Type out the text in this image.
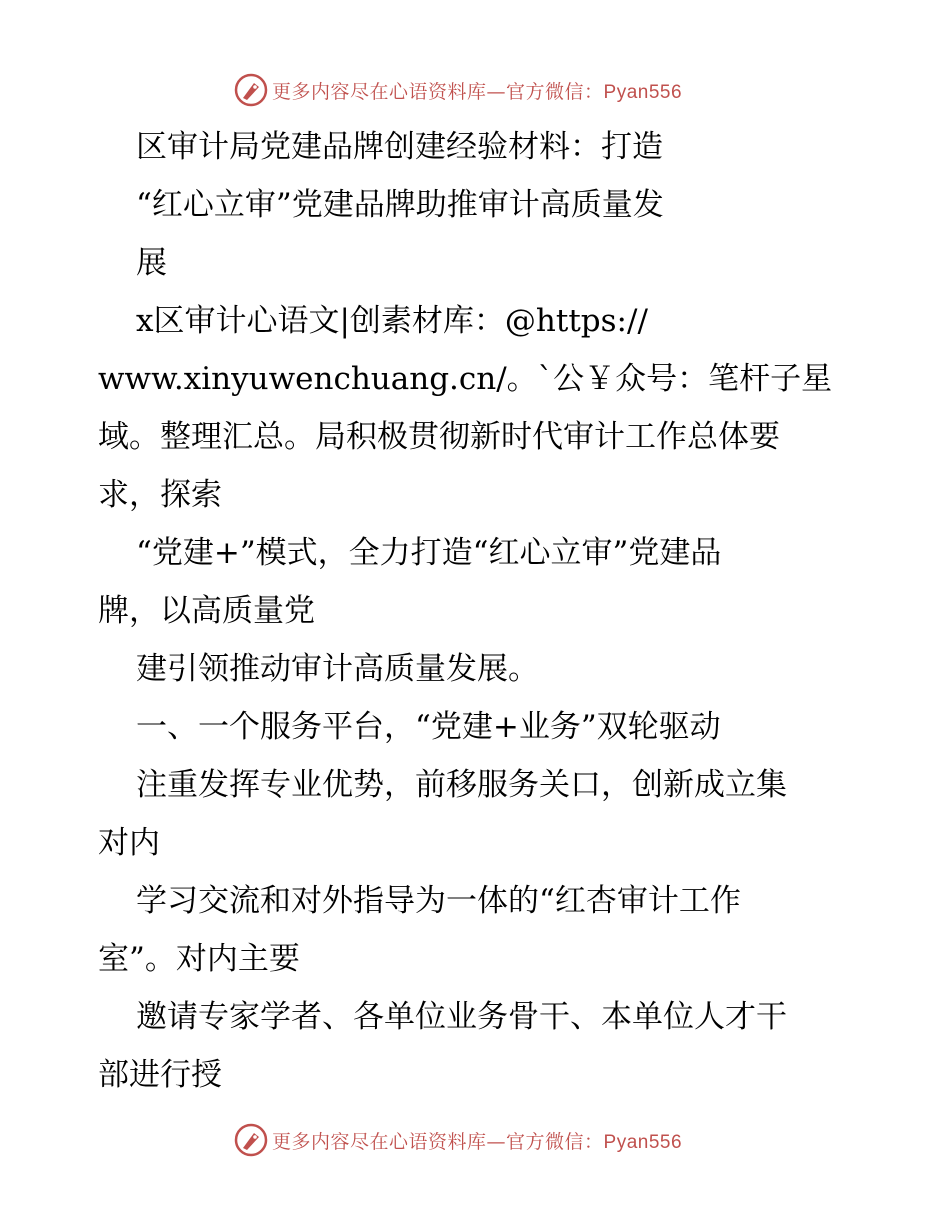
更多内容尽在心语资料库—官方微信：Pyan556
区审计局党建品牌创建经验材料：打造
“红心立审”党建品牌助推审计高质量发
展
x区审计心语文|创素材库：@https://
www.xinyuwenchuang.cn/。`公￥众号：笔杆子星
域。整理汇总。局积极贯彻新时代审计工作总体要
求，探索
“党建+”模式，全力打造“红心立审”党建品
牌，以高质量党
建引领推动审计高质量发展。
一、一个服务平台，“党建+业务”双轮驱动
注重发挥专业优势，前移服务关口，创新成立集
对内
学习交流和对外指导为一体的“红杏审计工作
室”。对内主要
邀请专家学者、各单位业务骨干、本单位人才干
部进行授
更多内容尽在心语资料库—官方微信：Pyan556
